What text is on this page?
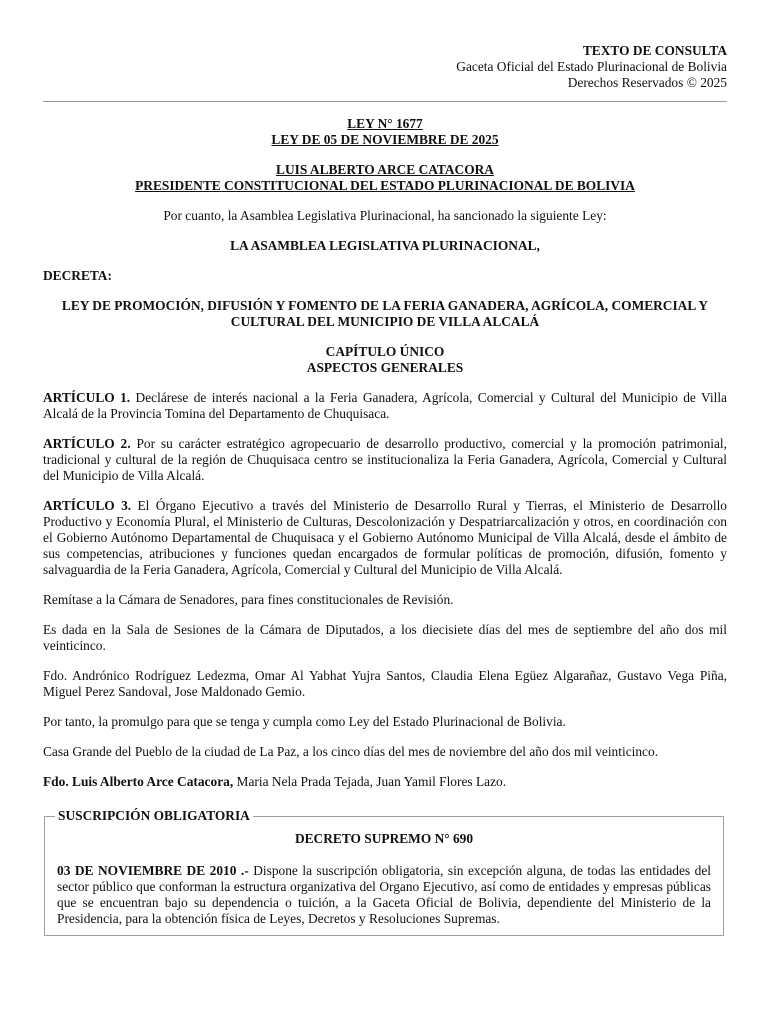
TEXTO DE CONSULTA
Gaceta Oficial del Estado Plurinacional de Bolivia
Derechos Reservados © 2025
LEY N° 1677
LEY DE 05 DE NOVIEMBRE DE 2025
LUIS ALBERTO ARCE CATACORA
PRESIDENTE CONSTITUCIONAL DEL ESTADO PLURINACIONAL DE BOLIVIA
Por cuanto, la Asamblea Legislativa Plurinacional, ha sancionado la siguiente Ley:
LA ASAMBLEA LEGISLATIVA PLURINACIONAL,
DECRETA:
LEY DE PROMOCIÓN, DIFUSIÓN Y FOMENTO DE LA FERIA GANADERA, AGRÍCOLA, COMERCIAL Y
CULTURAL DEL MUNICIPIO DE VILLA ALCALÁ
CAPÍTULO ÚNICO
ASPECTOS GENERALES

ARTÍCULO 1. Declárese de interés nacional a la Feria Ganadera, Agrícola, Comercial y Cultural del Municipio de Villa Alcalá de la Provincia Tomina del Departamento de Chuquisaca.

ARTÍCULO 2. Por su carácter estratégico agropecuario de desarrollo productivo, comercial y la promoción patrimonial, tradicional y cultural de la región de Chuquisaca centro se institucionaliza la Feria Ganadera, Agrícola, Comercial y Cultural del Municipio de Villa Alcalá.

ARTÍCULO 3. El Órgano Ejecutivo a través del Ministerio de Desarrollo Rural y Tierras, el Ministerio de Desarrollo Productivo y Economía Plural, el Ministerio de Culturas, Descolonización y Despatriarcalización y otros, en coordinación con el Gobierno Autónomo Departamental de Chuquisaca y el Gobierno Autónomo Municipal de Villa Alcalá, desde el ámbito de sus competencias, atribuciones y funciones quedan encargados de formular políticas de promoción, difusión, fomento y salvaguardia de la Feria Ganadera, Agrícola, Comercial y Cultural del Municipio de Villa Alcalá.

Remítase a la Cámara de Senadores, para fines constitucionales de Revisión.

Es dada en la Sala de Sesiones de la Cámara de Diputados, a los diecisiete días del mes de septiembre del año dos mil veinticinco.

Fdo. Andrónico Rodríguez Ledezma, Omar Al Yabhat Yujra Santos, Claudia Elena Egüez Algarañaz, Gustavo Vega Piña, Miguel Perez Sandoval, Jose Maldonado Gemio.

Por tanto, la promulgo para que se tenga y cumpla como Ley del Estado Plurinacional de Bolivia.

Casa Grande del Pueblo de la ciudad de La Paz, a los cinco días del mes de noviembre del año dos mil veinticinco.

Fdo. Luis Alberto Arce Catacora, Maria Nela Prada Tejada, Juan Yamil Flores Lazo.

SUSCRIPCIÓN OBLIGATORIA
DECRETO SUPREMO N° 690
03 DE NOVIEMBRE DE 2010 .- Dispone la suscripción obligatoria, sin excepción alguna, de todas las entidades del sector público que conforman la estructura organizativa del Organo Ejecutivo, así como de entidades y empresas públicas que se encuentran bajo su dependencia o tuición, a la Gaceta Oficial de Bolivia, dependiente del Ministerio de la Presidencia, para la obtención física de Leyes, Decretos y Resoluciones Supremas.
